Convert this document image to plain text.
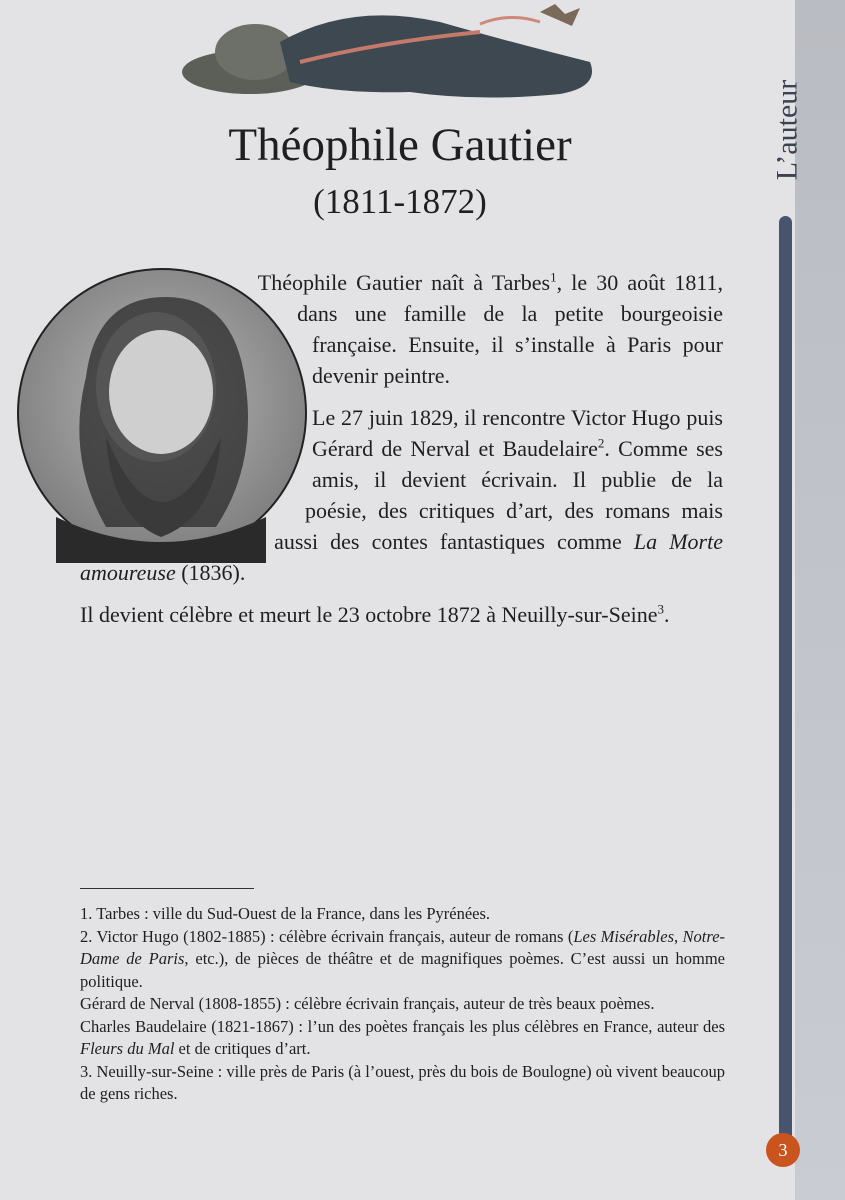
L’auteur
3
Théophile Gautier
(1811-1872)

Théophile Gautier naît à Tarbes$^1$, le 30 août 1811, dans une famille de la petite bourgeoisie française. Ensuite, il s’installe à Paris pour devenir peintre.

Le 27 juin 1829, il rencontre Victor Hugo puis Gérard de Nerval et Baudelaire$^2$. Comme ses amis, il devient écrivain. Il publie de la poésie, des critiques d’art, des romans mais aussi des contes fantastiques comme La Morte amoureuse (1836).

Il devient célèbre et meurt le 23 octobre 1872 à Neuilly-sur-Seine$^3$.

1. Tarbes : ville du Sud-Ouest de la France, dans les Pyrénées.
2. Victor Hugo (1802-1885) : célèbre écrivain français, auteur de romans (Les Misérables, Notre-Dame de Paris, etc.), de pièces de théâtre et de magnifiques poèmes. C’est aussi un homme politique.
Gérard de Nerval (1808-1855) : célèbre écrivain français, auteur de très beaux poèmes.
Charles Baudelaire (1821-1867) : l’un des poètes français les plus célèbres en France, auteur des Fleurs du Mal et de critiques d’art.
3. Neuilly-sur-Seine : ville près de Paris (à l’ouest, près du bois de Boulogne) où vivent beaucoup de gens riches.
